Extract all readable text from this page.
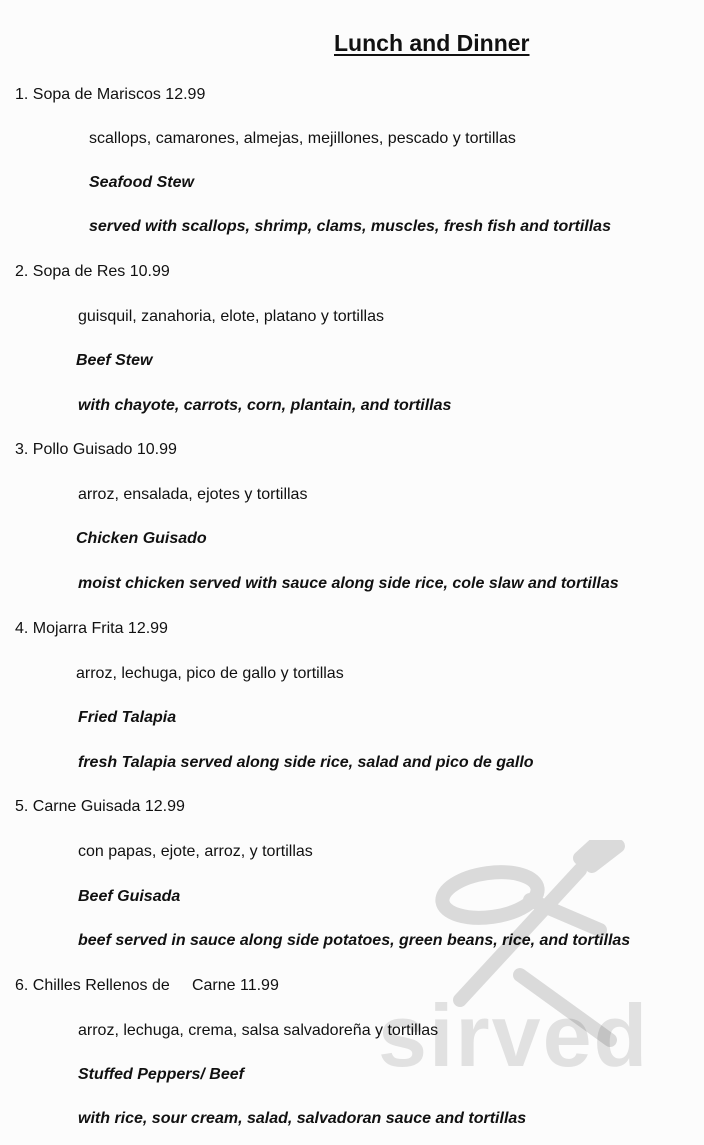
Lunch and Dinner
1. Sopa de Mariscos 12.99
scallops, camarones, almejas, mejillones, pescado y tortillas
Seafood Stew
served with scallops, shrimp, clams, muscles, fresh fish and tortillas
2. Sopa de Res 10.99
guisquil, zanahoria, elote, platano y tortillas
Beef Stew
with chayote, carrots, corn, plantain, and tortillas
3. Pollo Guisado 10.99
arroz, ensalada, ejotes y tortillas
Chicken Guisado
moist chicken served with sauce along side rice, cole slaw and tortillas
4. Mojarra Frita 12.99
arroz, lechuga, pico de gallo y tortillas
Fried Talapia
fresh Talapia served along side rice, salad and pico de gallo
5. Carne Guisada 12.99
con papas, ejote, arroz, y tortillas
Beef Guisada
beef served in sauce along side potatoes, green beans, rice, and tortillas
6. Chilles Rellenos de     Carne 11.99
arroz, lechuga, crema, salsa salvadoreña y tortillas
Stuffed Peppers/ Beef
with rice, sour cream, salad, salvadoran sauce and tortillas
sirved
